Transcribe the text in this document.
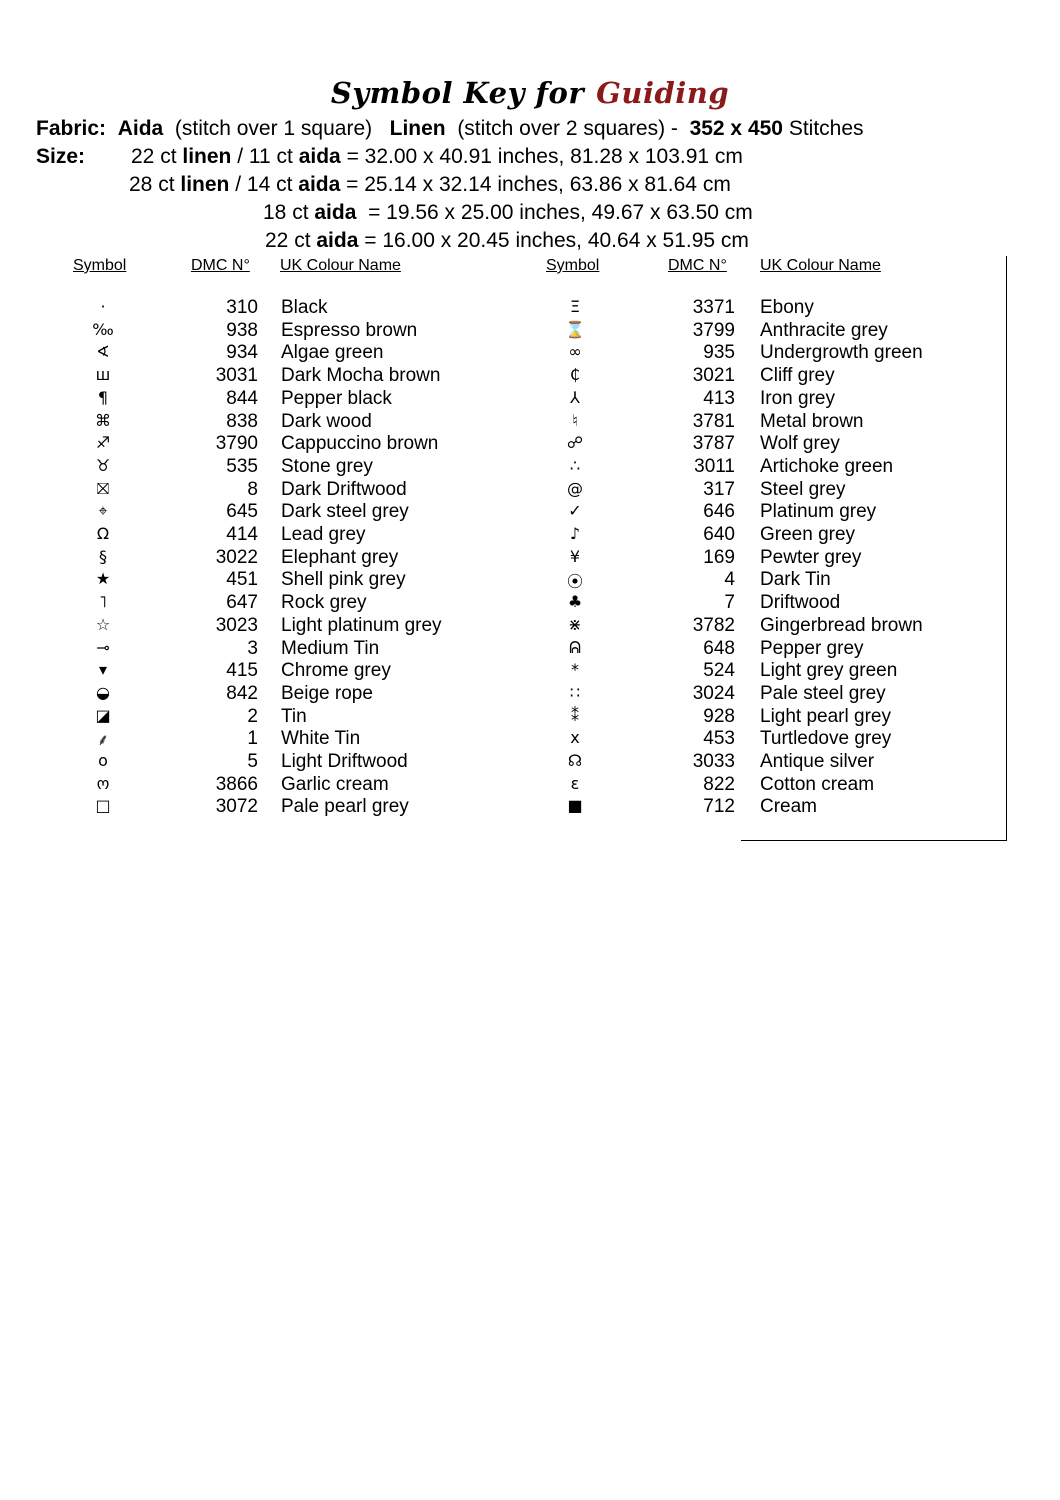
Symbol Key for Guiding
Fabric: Aida (stitch over 1 square) Linen (stitch over 2 squares) - 352 x 450 Stitches
Size: 22 ct linen / 11 ct aida = 32.00 x 40.91 inches, 81.28 x 103.91 cm
28 ct linen / 14 ct aida = 25.14 x 32.14 inches, 63.86 x 81.64 cm
18 ct aida  = 19.56 x 25.00 inches, 49.67 x 63.50 cm
22 ct aida = 16.00 x 20.45 inches, 40.64 x 51.95 cm
Symbol	DMC N° UK Colour Name	Symbol	DMC N° UK Colour Name
·	310 Black
‰	938 Espresso brown
∢	934 Algae green
ш	3031 Dark Mocha brown
¶	844 Pepper black
⌘	838 Dark wood
♐	3790 Cappuccino brown
♉	535 Stone grey
⛝	8 Dark Driftwood
⌖	645 Dark steel grey
Ω	414 Lead grey
§	3022 Elephant grey
★	451 Shell pink grey
˥	647 Rock grey
☆	3023 Light platinum grey
⊸	3 Medium Tin
▾	415 Chrome grey
◒	842 Beige rope
◪	2 Tin
⸙	1 White Tin
o	5 Light Driftwood
ო	3866 Garlic cream
□	3072 Pale pearl grey
Ξ	3371 Ebony
⌛	3799 Anthracite grey
∞	935 Undergrowth green
₵	3021 Cliff grey
⅄	413 Iron grey
♮	3781 Metal brown
☍	3787 Wolf grey
∴	3011 Artichoke green
@	317 Steel grey
✓	646 Platinum grey
♪	640 Green grey
¥	169 Pewter grey
⦿	4 Dark Tin
♣	7 Driftwood
⋇	3782 Gingerbread brown
ᕱ	648 Pepper grey
*	524 Light grey green
∷	3024 Pale steel grey
⁑	928 Light pearl grey
x	453 Turtledove grey
☊	3033 Antique silver
ɛ	822 Cotton cream
■	712 Cream
